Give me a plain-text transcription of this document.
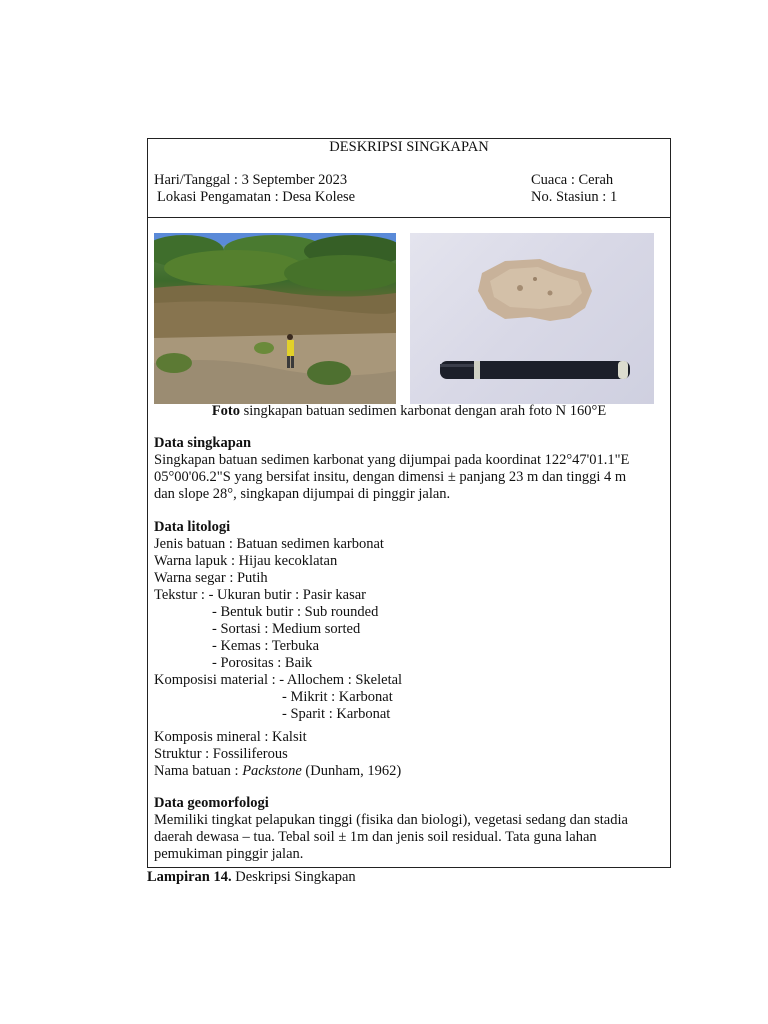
DESKRIPSI SINGKAPAN
Hari/Tanggal : 3 September 2023
Lokasi Pengamatan : Desa Kolese
Cuaca : Cerah
No. Stasiun : 1
Foto singkapan batuan sedimen karbonat dengan arah foto N 160°E
Data singkapan
Singkapan batuan sedimen karbonat yang dijumpai pada koordinat 122°47'01.1"E
05°00'06.2"S yang bersifat insitu, dengan dimensi ± panjang 23 m dan tinggi 4 m
dan slope 28°, singkapan dijumpai di pinggir jalan.
Data litologi
Jenis batuan : Batuan sedimen karbonat
Warna lapuk : Hijau kecoklatan
Warna segar : Putih
Tekstur : - Ukuran butir : Pasir kasar
- Bentuk butir : Sub rounded
- Sortasi : Medium sorted
- Kemas : Terbuka
- Porositas : Baik
Komposisi material : - Allochem : Skeletal
- Mikrit : Karbonat
- Sparit : Karbonat
Komposis mineral : Kalsit
Struktur : Fossiliferous
Nama batuan : Packstone (Dunham, 1962)
Data geomorfologi
Memiliki tingkat pelapukan tinggi (fisika dan biologi), vegetasi sedang dan stadia
daerah dewasa – tua. Tebal soil ± 1m dan jenis soil residual. Tata guna lahan
pemukiman pinggir jalan.
Lampiran 14. Deskripsi Singkapan
